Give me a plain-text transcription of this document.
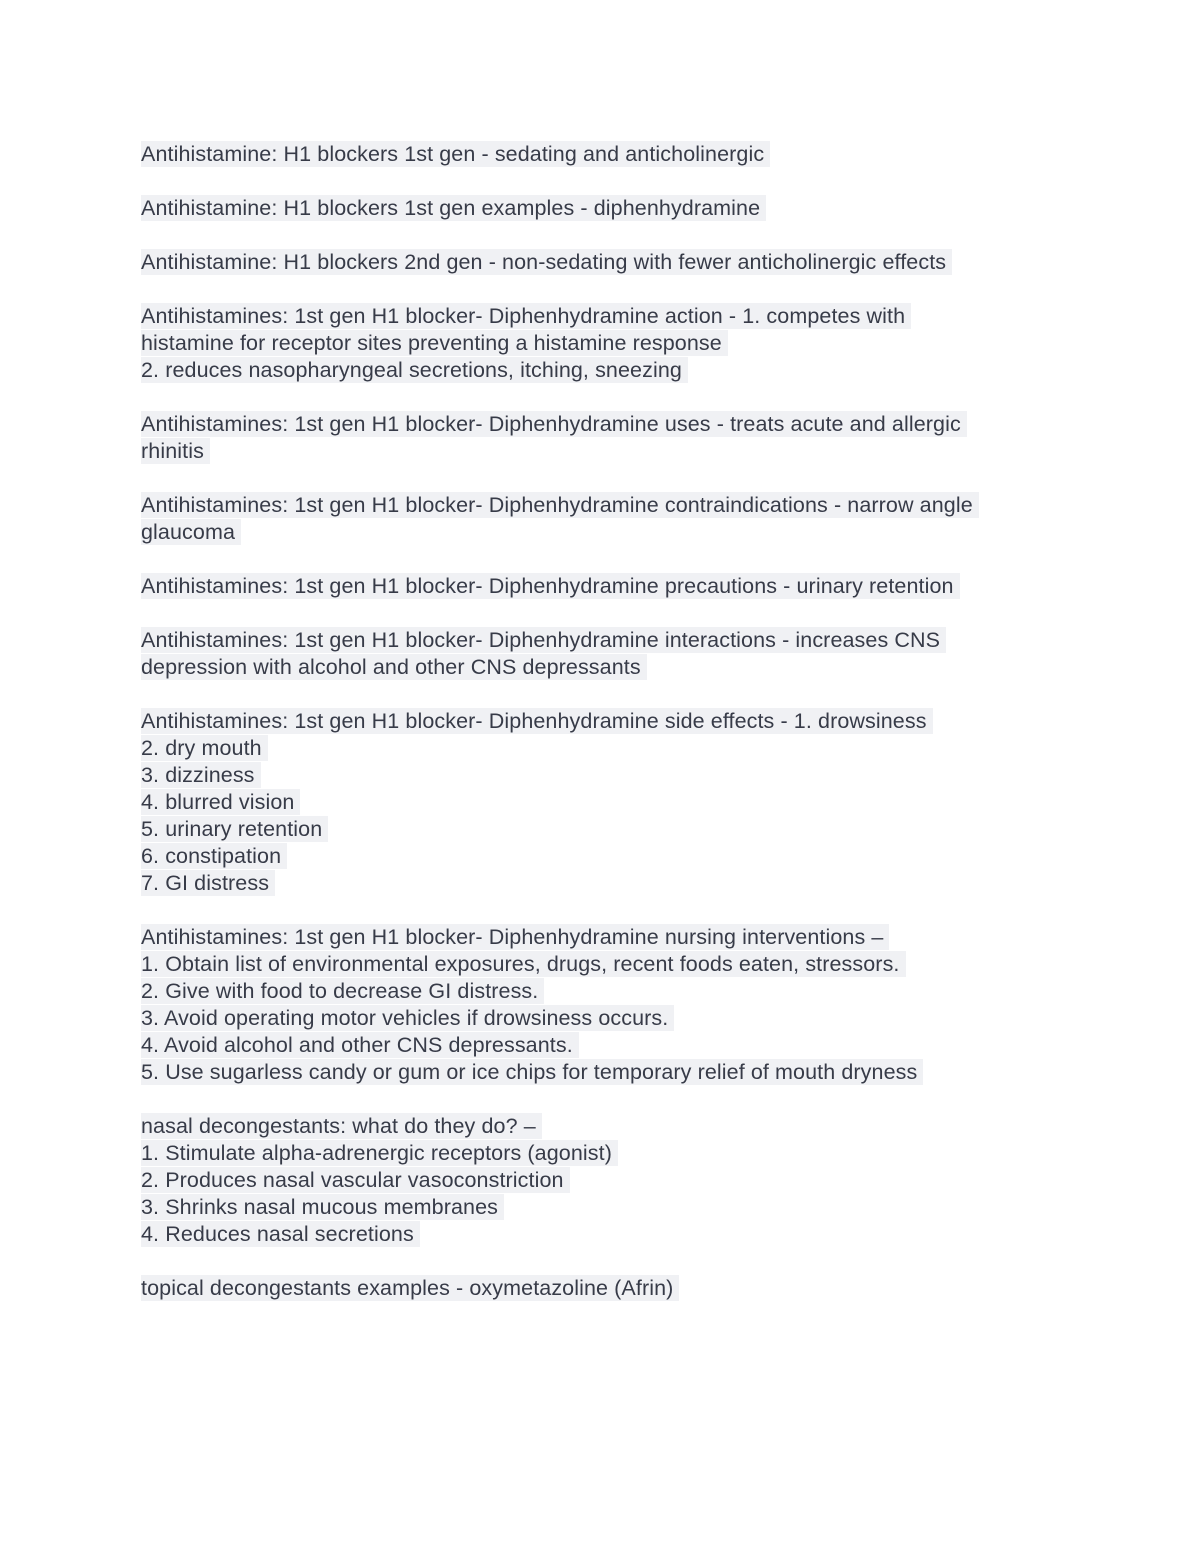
Antihistamine: H1 blockers 1st gen - sedating and anticholinergic
Antihistamine: H1 blockers 1st gen examples - diphenhydramine
Antihistamine: H1 blockers 2nd gen - non-sedating with fewer anticholinergic effects
Antihistamines: 1st gen H1 blocker- Diphenhydramine action - 1. competes with
histamine for receptor sites preventing a histamine response
2. reduces nasopharyngeal secretions, itching, sneezing
Antihistamines: 1st gen H1 blocker- Diphenhydramine uses - treats acute and allergic
rhinitis
Antihistamines: 1st gen H1 blocker- Diphenhydramine contraindications - narrow angle
glaucoma
Antihistamines: 1st gen H1 blocker- Diphenhydramine precautions - urinary retention
Antihistamines: 1st gen H1 blocker- Diphenhydramine interactions - increases CNS
depression with alcohol and other CNS depressants
Antihistamines: 1st gen H1 blocker- Diphenhydramine side effects - 1. drowsiness
2. dry mouth
3. dizziness
4. blurred vision
5. urinary retention
6. constipation
7. GI distress
Antihistamines: 1st gen H1 blocker- Diphenhydramine nursing interventions –
1. Obtain list of environmental exposures, drugs, recent foods eaten, stressors.
2. Give with food to decrease GI distress.
3. Avoid operating motor vehicles if drowsiness occurs.
4. Avoid alcohol and other CNS depressants.
5. Use sugarless candy or gum or ice chips for temporary relief of mouth dryness
nasal decongestants: what do they do? –
1. Stimulate alpha-adrenergic receptors (agonist)
2. Produces nasal vascular vasoconstriction
3. Shrinks nasal mucous membranes
4. Reduces nasal secretions
topical decongestants examples - oxymetazoline (Afrin)
